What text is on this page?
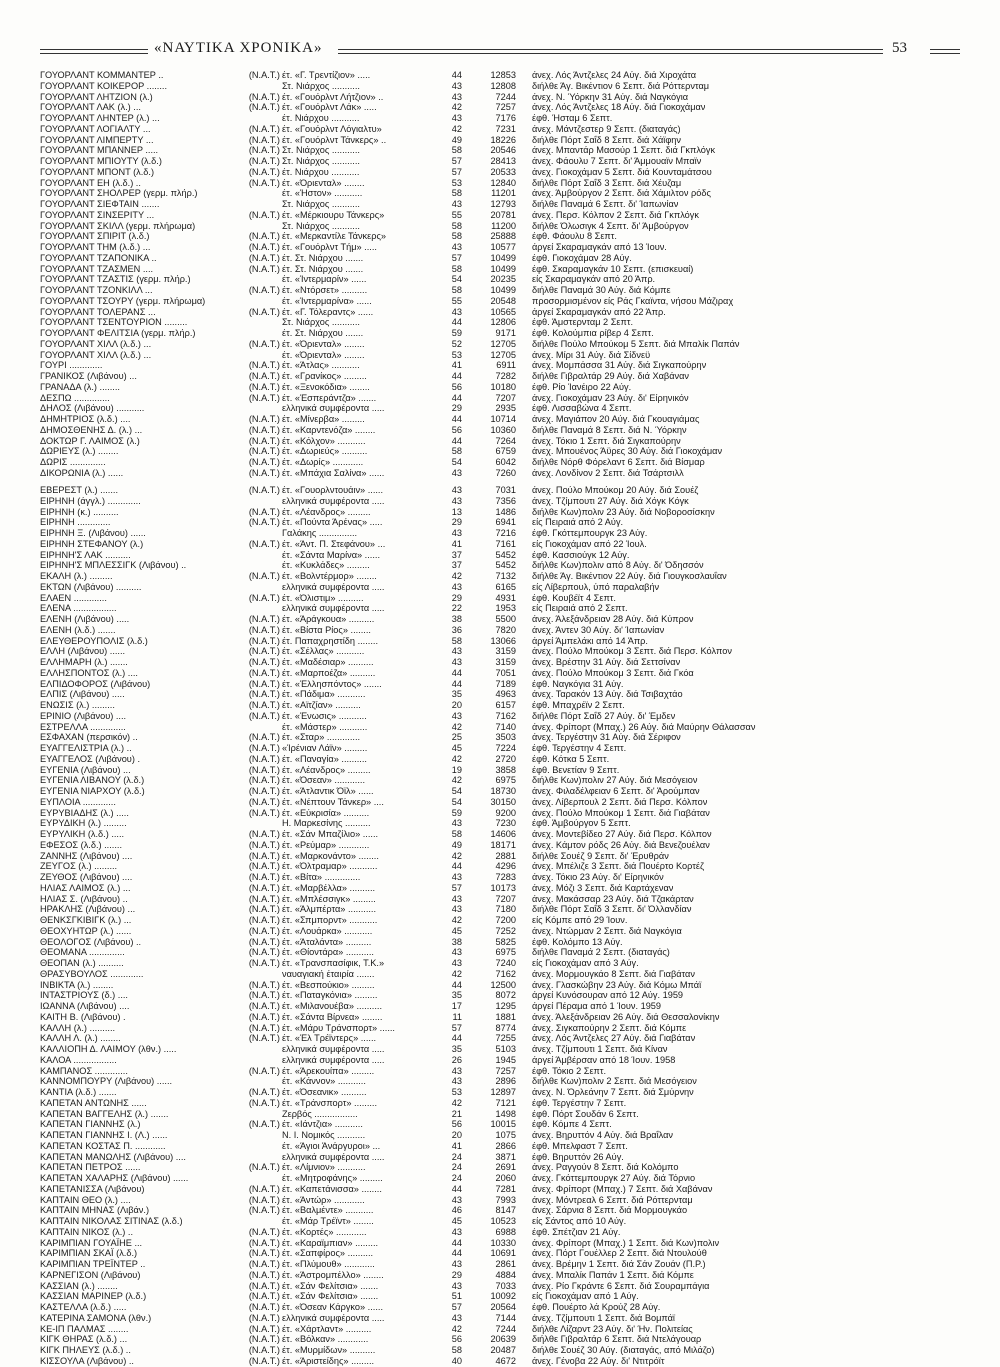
«ΝΑΥΤΙΚΑ ΧΡΟΝΙΚΑ»	53
ΓΟΥΟΡΛΑΝΤ ΚΟΜΜΑΝΤΕΡ ..	(Ν.Α.Τ.) έτ. «Γ. Τρεντίζιον» .....	44	12853 άνεχ. Λός Άντζελες 24 Αύγ. διά Χιροχάτα
ΓΟΥΟΡΛΑΝΤ ΚΟΙΚΕΡΟΡ ........	Στ. Νιάρχος ...........	43	12808 διήλθε Άγ. Βικέντιον 6 Σεπτ. διά Ρόττερνταμ
ΓΟΥΟΡΛΑΝΤ ΛΗΤΖΙΟΝ (λ.)	(Ν.Α.Τ.) έτ. «Γουόρλντ Λήτζιον» ..	43	7244 άνεχ. Ν. Ύόρκην 31 Αύγ. διά Ναγκόγια
ΓΟΥΟΡΛΑΝΤ ΛΑΚ (λ.) ...	(Ν.Α.Τ.) έτ. «Γουόρλντ Λάκ» .....	42	7257 άνεχ. Λός Άντζελες 18 Αύγ. διά Γιοκοχάμαν
ΓΟΥΟΡΛΑΝΤ ΛΗΝΤΕΡ (λ.) ...	έτ. Νιάρχου ...........	43	7176 έφθ. Ήσταμ 6 Σεπτ.
ΓΟΥΟΡΛΑΝΤ ΛΟΓΙΑΛΤΥ ...	(Ν.Α.Τ.) έτ. «Γουόρλντ Λόγιαλτυ»	42	7231 άνεχ. Μάντζεστερ 9 Σεπτ. (διαταγάς)
ΓΟΥΟΡΛΑΝΤ ΛΙΜΠΕΡΤΥ ...	(Ν.Α.Τ.) έτ. «Γουόρλντ Τάνκερς» ..	49	18226 διήλθε Πόρτ Σαΐδ 8 Σεπτ. διά Χάϊφην
ΓΟΥΟΡΛΑΝΤ ΜΠΑΝΝΕΡ .....	(Ν.Α.Τ.) Στ. Νιάρχος ...........	58	20546 άνεχ. Μπαντάρ Μασούρ 1 Σεπτ. διά Γκπλόγκ
ΓΟΥΟΡΛΑΝΤ ΜΠΙΟΥΤΥ (λ.δ.)	(Ν.Α.Τ.) Στ. Νιάρχος ...........	57	28413 άνεχ. Φάουλυ 7 Σεπτ. δι' Άμμουαϊν Μπαϊν
ΓΟΥΟΡΛΑΝΤ ΜΠΟΝΤ (λ.δ.)	(Ν.Α.Τ.) έτ. Νιάρχου ...........	57	20533 άνεχ. Γιοκοχάμαν 5 Σεπτ. διά Κουνταμάτσου
ΓΟΥΟΡΛΑΝΤ ΕΗ (λ.δ.) ..	(Ν.Α.Τ.) έτ. «Όριενταλ» ........	53	12840 διήλθε Πόρτ Σαΐδ 3 Σεπτ. διά Χέυζαμ
ΓΟΥΟΡΛΑΝΤ ΣΗΟΛΡΕΡ (γερμ. πλήρ.)	έτ. «Ήστον» ...........	58	11201 άνεχ. Άμβούργον 2 Σεπτ. διά Χάμιλτον ρόδς
ΓΟΥΟΡΛΑΝΤ ΣΙΕΦΤΑΙΝ .......	Στ. Νιάρχος ...........	43	12793 διήλθε Παναμά 6 Σεπτ. δι' Ίαπωνίαν
ΓΟΥΟΡΛΑΝΤ ΣΙΝΣΕΡΙΤΥ ...	(Ν.Α.Τ.) έτ. «Μέρκιουρυ Τάνκερς»	55	20781 άνεχ. Περσ. Κόλπον 2 Σεπτ. διά Γκπλόγκ
ΓΟΥΟΡΛΑΝΤ ΣΚΙΛΛ (γερμ. πλήρωμα)	Στ. Νιάρχος ...........	58	11200 διήλθε Όλωσιγκ 4 Σεπτ. δι' Άμβούργον
ΓΟΥΟΡΛΑΝΤ ΣΠΙΡΙΤ (λ.δ.)	(Ν.Α.Τ.) έτ. «Μερκαντίλε Τάνκερς»	58	25888 έφθ. Φάουλυ 8 Σεπτ.
ΓΟΥΟΡΛΑΝΤ ΤΗΜ (λ.δ.) ...	(Ν.Α.Τ.) έτ. «Γουόρλντ Τήμ» .....	43	10577 άργεί Σκαραμαγκάν από 13 Ίουν.
ΓΟΥΟΡΛΑΝΤ ΤΖΑΠΟΝΙΚΑ ..	(Ν.Α.Τ.) έτ. Στ. Νιάρχου .......	57	10499 έφθ. Γιοκοχάμαν 28 Αύγ.
ΓΟΥΟΡΛΑΝΤ ΤΖΑΣΜΕΝ ....	(Ν.Α.Τ.) έτ. Στ. Νιάρχου .......	58	10499 έφθ. Σκαραμαγκάν 10 Σεπτ. (επισκευαί)
ΓΟΥΟΡΛΑΝΤ ΤΖΑΣΤΙΣ (γερμ. πλήρ.)	έτ. «Ίντερμαρίν» ......	54	20235 είς Σκαραμαγκάν από 20 Άπρ.
ΓΟΥΟΡΛΑΝΤ ΤΖΟΝΚΙΛΛ ...	(Ν.Α.Τ.) έτ. «Ντόρσετ» ..........	58	10499 διήλθε Παναμά 30 Αύγ. διά Κόμπε
ΓΟΥΟΡΛΑΝΤ ΤΣΟΥΡΥ (γερμ. πλήρωμα)	έτ. «Ίντερμαρίνα» ......	55	20548 προσορμισμένον είς Ράς Γκαϊντα, νήσου Μάζιραχ
ΓΟΥΟΡΛΑΝΤ ΤΟΛΕΡΑΝΣ ...	(Ν.Α.Τ.) έτ. «Γ. Τόλεραντς» ......	43	10565 άργεί Σκαραμαγκάν από 22 Άπρ.
ΓΟΥΟΡΛΑΝΤ ΤΣΕΝΤΟΥΡΙΟΝ .........	Στ. Νιάρχος ...........	44	12806 έφθ. Άμστερνταμ 2 Σεπτ.
ΓΟΥΟΡΛΑΝΤ ΦΕΛΙΤΣΙΑ (γερμ. πλήρ.)	έτ. Στ. Νιάρχου .......	59	9171 έφθ. Κολούμπια ρίβερ 4 Σεπτ.
ΓΟΥΟΡΛΑΝΤ ΧΙΛΛ (λ.δ.) ...	(Ν.Α.Τ.) έτ. «Όριενταλ» ........	52	12705 διήλθε Πούλο Μπούκομ 5 Σεπτ. διά Μπαλίκ Παπάν
ΓΟΥΟΡΛΑΝΤ ΧΙΛΛ (λ.δ.) ...	έτ. «Όριενταλ» ........	53	12705 άνεχ. Μίρι 31 Αύγ. διά Σίδνεϋ
ΓΟΥΡΙ .............	(Ν.Α.Τ.) έτ. «Άτλας» ...........	41	6911 άνεχ. Μομπάσσα 31 Αύγ. διά Σιγκαπούρην
ΓΡΑΝΙΚΟΣ (Λιβάνου) ...	(Ν.Α.Τ.) έτ. «Γρανίκος» .........	44	7282 διήλθε Γιβραλτάρ 29 Αύγ. διά Χαβάναν
ΓΡΑΝΑΔΑ (λ.) ........	(Ν.Α.Τ.) έτ. «Ξενοκόδια» ........	56	10180 έφθ. Ρίο Ίανέιρο 22 Αύγ.
ΔΕΣΠΩ ..............	(Ν.Α.Τ.) έτ. «Έσπεράντζα» .......	44	7207 άνεχ. Γιοκοχάμαν 23 Αύγ. δι' Είρηνικόν
ΔΗΛΟΣ (Λιβάνου) ...........	ελληνικά συμφέροντα .....	29	2935 έφθ. Λισσαβώνα 4 Σεπτ.
ΔΗΜΗΤΡΙΟΣ (λ.δ.) ....	(Ν.Α.Τ.) έτ. «Μίνερβα» .........	44	10714 άνεχ. Μαγιάπον 20 Αύγ. διά Γκουαγιάμας
ΔΗΜΟΣΘΕΝΗΣ Δ. (λ.) ...	(Ν.Α.Τ.) έτ. «Καρντενόζα» ........	56	10360 διήλθε Παναμά 8 Σεπτ. διά Ν. Ύόρκην
ΔΟΚΤΩΡ Γ. ΛΑΙΜΟΣ (λ.)	(Ν.Α.Τ.) έτ. «Κόλχον» ...........	44	7264 άνεχ. Τόκιο 1 Σεπτ. διά Σιγκαπούρην
ΔΩΡΙΕΥΣ (λ.) ........	(Ν.Α.Τ.) έτ. «Δωριεύς» ..........	58	6759 άνεχ. Μπουένος Άϋρες 30 Αύγ. διά Γιοκοχάμαν
ΔΩΡΙΣ ..............	(Ν.Α.Τ.) έτ. «Δωρίς» ............	54	6042 διήλθε Νόρθ Φόρελαντ 6 Σεπτ. διά Βίσμαρ
ΔΙΚΟΡΩΝΙΑ (λ.) ......	(Ν.Α.Τ.) έτ. «Μπάχια Σαλίνα» ......	43	7260 άνεχ. Λονδίνον 2 Σεπτ. διά Τσάρτσιλλ
ΕΒΕΡΕΣΤ (λ.) .......	(Ν.Α.Τ.) έτ. «Γουορλντουάιν» ......	43	7031 άνεχ. Πούλο Μπούκομ 20 Αύγ. διά Σουέζ
ΕΙΡΗΝΗ (άγγλ.) .............	ελληνικά συμφέροντα .....	43	7356 άνεχ. Τζίμπουτι 27 Αύγ. διά Χόγκ Κόγκ
ΕΙΡΗΝΗ (κ.) ..........	(Ν.Α.Τ.) έτ. «Λέανδρος» .........	13	1486 διήλθε Κων)πολιν 23 Αύγ. διά Νοβοροσίσκην
ΕΙΡΗΝΗ .............	(Ν.Α.Τ.) έτ. «Πούντα Άρένας» .....	29	6941 είς Πειραιά από 2 Αύγ.
ΕΙΡΗΝΗ Ξ. (Λιβάνου) ......	Γαλάκης ...............	43	7216 έφθ. Γκόττεμπουργκ 23 Αύγ.
ΕΙΡΗΝΗ ΣΤΕΦΑΝΟΥ (λ.)	(Ν.Α.Τ.) έτ. «Άντ. Π. Στεφάνου» ...	41	7161 είς Γιοκοχάμαν από 22 Ίουλ.
ΕΙΡΗΝΗ'Σ ΛΑΚ ..........	έτ. «Σάντα Μαρίνα» ......	37	5452 έφθ. Κασσιούγκ 12 Αύγ.
ΕΙΡΗΝΗ'Σ ΜΠΛΕΣΣΙΓΚ (Λιβάνου) ..	έτ. «Κυκλάδες» .........	37	5452 διήλθε Κων)πολιν από 8 Αύγ. δι' Όδησσόν
ΕΚΑΛΗ (λ.) .........	(Ν.Α.Τ.) έτ. «Βολντέρμορ» ........	42	7132 διήλθε Άγ. Βικέντιον 22 Αύγ. διά Γιουγκοσλαυΐαν
ΕΚΤΩΝ (Λιβάνου) ..........	ελληνικά συμφέροντα .....	43	6165 είς Λίβερπουλ, ύπό παραλαβήν
ΕΛΑΕΝ .............	(Ν.Α.Τ.) έτ. «Όλιστιμ» ..........	29	4931 έφθ. Κουβέϊτ 4 Σεπτ.
ΕΛΕΝΑ .................	ελληνικά συμφέροντα .....	22	1953 είς Πειραιά από 2 Σεπτ.
ΕΛΕΝΗ (Λιβάνου) .....	(Ν.Α.Τ.) έτ. «Άράγκουα» ..........	38	5500 άνεχ. Άλεξάνδρειαν 28 Αύγ. διά Κύπρον
ΕΛΕΝΗ (λ.δ.) .......	(Ν.Α.Τ.) έτ. «Βίστα Ρίος» ........	36	7820 άνεχ. Άντεν 30 Αύγ. δι' Ίαπωνίαν
ΕΛΕΥΘΕΡΟΥΠΟΛΙΣ (λ.δ.)	(Ν.Α.Τ.) έτ. Παπαχρηστίδη ........	58	13066 άργεί Άμπελάκι από 14 Άπρ.
ΕΛΛΗ (Λιβάνου) ......	(Ν.Α.Τ.) έτ. «Σέλλας» ...........	43	3159 άνεχ. Πούλο Μπούκομ 3 Σεπτ. διά Περσ. Κόλπον
ΕΛΛΗΜΑΡΗ (λ.) .......	(Ν.Α.Τ.) έτ. «Μαδέσιαρ» ..........	43	3159 άνεχ. Βρέστην 31 Αύγ. διά Σεττσίναν
ΕΛΛΗΣΠΟΝΤΟΣ (λ.) ....	(Ν.Α.Τ.) έτ. «Μαρποέζα» ..........	44	7051 άνεχ. Πούλο Μπούκομ 3 Σεπτ. διά Γκόα
ΕΛΠΙΔΟΦΟΡΟΣ (Λιβάνου)	(Ν.Α.Τ.) έτ. «Έλλησπόντος» .......	44	7189 έφθ. Ναγκόγια 31 Αύγ.
ΕΛΠΙΣ (Λιβάνου) .....	(Ν.Α.Τ.) έτ. «Πάδιμα» ...........	35	4963 άνεχ. Ταρακόν 13 Αύγ. διά Τσιβαχτάο
ΕΝΩΣΙΣ (λ.) .........	(Ν.Α.Τ.) έτ. «Αϊτζίαν» ..........	20	6157 έφθ. Μπαχρέϊν 2 Σεπτ.
ΕΡΙΝΙΟ (Λιβάνου) ....	(Ν.Α.Τ.) έτ. «Ένωσις» ...........	43	7162 διήλθε Πόρτ Σαΐδ 27 Αύγ. δι' Έμδεν
ΕΣΤΡΕΛΛΑ ..............	έτ. «Μάστερ» ...........	42	7140 άνεχ. Φρίπορτ (Μπαχ.) 26 Αύγ. διά Μαύρην Θάλασσαν
ΕΣΦΑΧΑΝ (περσικόν) ..	(Ν.Α.Τ.) έτ. «Σταρ» .............	25	3503 άνεχ. Τεργέστην 31 Αύγ. διά Σέριφον
ΕΥΑΓΓΕΛΙΣΤΡΙΑ (λ.) ..	(Ν.Α.Τ.) «Ίρένιαν Λάϊν» .........	45	7224 έφθ. Τεργέστην 4 Σεπτ.
ΕΥΑΓΓΕΛΟΣ (Λιβάνου) .	(Ν.Α.Τ.) έτ. «Παναγία» ..........	42	2720 έφθ. Κότκα 5 Σεπτ.
ΕΥΓΕΝΙΑ (Λιβάνου) ...	(Ν.Α.Τ.) έτ. «Λέανδρος» .........	19	3858 έφθ. Βενετίαν 9 Σεπτ.
ΕΥΓΕΝΙΑ ΛΙΒΑΝΟΥ (λ.δ.)	(Ν.Α.Τ.) έτ. «Όσεαν» ............	42	6975 διήλθε Κων)πολιν 27 Αύγ. διά Μεσόγειον
ΕΥΓΕΝΙΑ ΝΙΑΡΧΟΥ (λ.δ.)	(Ν.Α.Τ.) έτ. «Άτλαντικ Όϊλ» ......	54	18730 άνεχ. Φιλαδέλφειαν 6 Σεπτ. δι' Άρούμπαν
ΕΥΠΛΟΙΑ .............	(Ν.Α.Τ.) έτ. «Νέπτουν Τάνκερ» ....	54	30150 άνεχ. Λίβερπουλ 2 Σεπτ. διά Περσ. Κόλπον
ΕΥΡΥΒΙΑΔΗΣ (λ.) .....	(Ν.Α.Τ.) έτ. «Εύκρισία» ..........	59	9200 άνεχ. Πούλο Μπούκομ 1 Σεπτ. διά Γιαβάταν
ΕΥΡΥΔΙΚΗ (λ.) .........	Η. Μαρκεσίνης ..........	43	7230 έφθ. Άμβούργον 5 Σεπτ.
ΕΥΡΥΛΙΚΗ (λ.δ.) .....	(Ν.Α.Τ.) έτ. «Σάν Μπαζίλιο» ......	58	14606 άνεχ. Μοντεβίδεο 27 Αύγ. διά Περσ. Κόλπον
ΕΦΕΣΟΣ (λ.δ.) .......	(Ν.Α.Τ.) έτ. «Ρεύμαρ» ............	49	18171 άνεχ. Κάμτον ρόδς 26 Αύγ. διά Βενεζουέλαν
ΖΑΝΝΗΣ (Λιβάνου) ....	(Ν.Α.Τ.) έτ. «Μαρκονάντο» ........	42	2881 διήλθε Σουέζ 9 Σεπτ. δι' Έρυθράν
ΖΕΥΓΟΣ (λ.) .........	(Ν.Α.Τ.) έτ. «Όλτραμαρ» ...........	44	4296 άνεχ. Μπέλιζε 3 Σεπτ. διά Πουέρτο Κορτέζ
ΖΕΥΘΟΣ (Λιβάνου) ....	(Ν.Α.Τ.) έτ. «Βίτα» ..............	43	7283 άνεχ. Τόκιο 23 Αύγ. δι' Είρηνικόν
ΗΛΙΑΣ ΛΑΙΜΟΣ (λ.) ...	(Ν.Α.Τ.) έτ. «Μαρβέλλα» ..........	57	10173 άνεχ. Μόζι 3 Σεπτ. διά Καρτάχεναν
ΗΛΙΑΣ Σ. (Λιβάνου) ..	(Ν.Α.Τ.) έτ. «Μπλέσσιγκ» .........	43	7207 άνεχ. Μακάσσαρ 23 Αύγ. διά Τζακάρταν
ΗΡΑΚΛΗΣ (Λιβάνου) ...	(Ν.Α.Τ.) έτ. «Άλμπέρτα» ...........	43	7180 διήλθε Πόρτ Σαΐδ 3 Σεπτ. δι' Όλλανδίαν
ΘΕΝΚΣΓΚΙΒΙΓΚ (λ.) ...	(Ν.Α.Τ.) έτ. «Σπμπορντ» ...........	42	7200 είς Κόμπε από 29 Ίουν.
ΘΕΟΧΥΗΤΩΡ (λ.) ......	(Ν.Α.Τ.) έτ. «Λουάρκα» ...........	45	7252 άνεχ. Ντώρμαν 2 Σεπτ. διά Ναγκόγια
ΘΕΟΛΟΓΟΣ (Λιβάνου) ..	(Ν.Α.Τ.) έτ. «Άταλάντα» ..........	38	5825 έφθ. Κολόμπο 13 Αύγ.
ΘΕΟΜΑΝΑ ..............	(Ν.Α.Τ.) έτ. «Θίοντάρα» ...........	43	6975 διήλθε Παναμά 2 Σεπτ. (διαταγάς)
ΘΕΟΠΑΝ (λ.) ..........	(Ν.Α.Τ.) έτ. «Τρανσπασίφικ, Τ.Κ.»	43	7240 είς Γιοκοχάμαν από 3 Αύγ.
ΘΡΑΣΥΒΟΥΛΟΣ .............	ναυαγιακή έταιρία .......	42	7162 άνεχ. Μορμουγκάο 8 Σεπτ. διά Γιαβάταν
ΙΝΒΙΚΤΑ (λ.) ........	(Ν.Α.Τ.) έτ. «Βεσπούκιο» .........	44	12500 άνεχ. Γλασκώβην 23 Αύγ. διά Κόμω Μπάϊ
ΙΝΤΑΣΤΡΙΟΥΣ (δ.) ....	(Ν.Α.Τ.) έτ. «Παταγκόνια» .........	35	8072 άργεί Κυνόσουραν από 12 Αύγ. 1959
ΙΩΑΝΝΑ (Λιβάνου) ....	(Ν.Α.Τ.) έτ. «Μιλανουέβα» ..........	17	1295 άργεί Πέραμα από 1 Ίουν. 1959
ΚΑΙΤΗ Β. (Λιβάνου) .	(Ν.Α.Τ.) έτ. «Σάντα Βίρνεα» ........	11	1881 άνεχ. Άλεξάνδρειαν 26 Αύγ. διά Θεσσαλονίκην
ΚΑΛΛΗ (λ.) ..........	(Ν.Α.Τ.) έτ. «Μάρυ Τράνσπορτ» ......	57	8774 άνεχ. Σιγκαπούρην 2 Σεπτ. διά Κόμπε
ΚΑΛΛΗ Λ. (λ.) ........	(Ν.Α.Τ.) έτ. «Έλ Τρέϊντερς» ......	44	7255 άνεχ. Λός Άντζελες 27 Αύγ. διά Γιαβάταν
ΚΑΛΛΙΟΠΗ Δ. ΛΑΙΜΟΥ (λθν.) .....	ελληνικά συμφέροντα .....	35	5103 άνεχ. Τζίμπουτι 1 Σεπτ. διά Κίναν
ΚΑΛΟΑ .................	ελληνικά συμφέροντα .....	26	1945 άργεί Άμβέρσαν από 18 Ίουν. 1958
ΚΑΜΠΑΝΟΣ .............	(Ν.Α.Τ.) έτ. «Άρεκουίπα» .........	43	7257 έφθ. Τόκιο 2 Σεπτ.
ΚΑΝΝΟΜΠΟΥΡΥ (Λιβάνου) ......	έτ. «Κάννον» ...........	43	2896 διήλθε Κων)πολιν 2 Σεπτ. διά Μεσόγειον
ΚΑΝΤΙΑ (λ.δ.) .......	(Ν.Α.Τ.) έτ. «Όσεανικ» ..........	53	12897 άνεχ. Ν. Όρλεάνην 7 Σεπτ. διά Σμύρνην
ΚΑΠΕΤΑΝ ΑΝΤΩΝΗΣ ......	(Ν.Α.Τ.) έτ. «Τράνσπορτ» .........	42	7121 έφθ. Τεργέστην 7 Σεπτ.
ΚΑΠΕΤΑΝ ΒΑΓΓΕΛΗΣ (λ.) .......	Ζερβός .................	21	1498 έφθ. Πόρτ Σουδάν 6 Σεπτ.
ΚΑΠΕΤΑΝ ΓΙΑΝΝΗΣ (λ.)	(Ν.Α.Τ.) έτ. «Ιάντζια» ...........	56	10015 έφθ. Κόμπε 4 Σεπτ.
ΚΑΠΕΤΑΝ ΓΙΑΝΝΗΣ Ι. (Λ.) ......	Ν. Ι. Νομικός ...........	20	1075 άνεχ. Βηρυττόν 4 Αύγ. διά Βραΐλαν
ΚΑΠΕΤΑΝ ΚΟΣΤΑΣ Π. ............	έτ. «Άγιοι Άνάργυροι» ...	41	2866 έφθ. Μπελφαστ 7 Σεπτ.
ΚΑΠΕΤΑΝ ΜΑΝΩΛΗΣ (Λιβάνου) ....	ελληνικά συμφέροντα .....	24	3871 έφθ. Βηρυττόν 26 Αύγ.
ΚΑΠΕΤΑΝ ΠΕΤΡΟΣ ......	(Ν.Α.Τ.) έτ. «Λίμνιον» ...........	24	2691 άνεχ. Ραγγούν 8 Σεπτ. διά Κολόμπο
ΚΑΠΕΤΑΝ ΧΑΛΑΡΗΣ (Λιβάνου) ......	έτ. «Μητροφάνης» .........	24	2060 άνεχ. Γκόττεμπουργκ 27 Αύγ. διά Τόρνιο
ΚΑΠΕΤΑΝΙΣΣΑ (Λιβάνου)	(Ν.Α.Τ.) έτ. «Καπετάνισσα» ........	44	7281 άνεχ. Φρίπορτ (Μπαχ.) 7 Σεπτ. διά Χαβάναν
ΚΑΠΤΑΙΝ ΘΕΟ (λ.) ....	(Ν.Α.Τ.) έτ. «Άντώρ» ............	43	7993 άνεχ. Μόντρεαλ 6 Σεπτ. διά Ρόττερνταμ
ΚΑΠΤΑΙΝ ΜΗΝΑΣ (Λιβάν.)	(Ν.Α.Τ.) έτ. «Βαλμέντε» ...........	46	8147 άνεχ. Σάρνια 8 Σεπτ. διά Μορμουγκάο
ΚΑΠΤΑΙΝ ΝΙΚΟΛΑΣ ΣΙΤΙΝΑΣ (λ.δ.)	έτ. «Μάρ Τρέϊντ» ........	45	10523 είς Σάντος από 10 Αύγ.
ΚΑΠΤΑΙΝ ΝΙΚΟΣ (λ.) ..	(Ν.Α.Τ.) έτ. «Κορτές» ............	43	6988 έφθ. Σπέτζιαν 21 Αύγ.
ΚΑΡΙΜΠΙΑΝ ΓΟΥΑΪΗΕ ...	(Ν.Α.Τ.) έτ. «Καραϊμπιαν» .........	44	10330 άνεχ. Φρίπορτ (Μπαχ.) 1 Σεπτ. διά Κων)πολιν
ΚΑΡΙΜΠΙΑΝ ΣΚΑΪ (λ.δ.)	(Ν.Α.Τ.) έτ. «Σαπφίρος» ..........	44	10691 άνεχ. Πόρτ Γουέλλερ 2 Σεπτ. διά Ντουλούθ
ΚΑΡΙΜΠΙΑΝ ΤΡΕΪΝΤΕΡ ..	(Ν.Α.Τ.) έτ. «Πλύμουθ» ............	43	2861 άνεχ. Βρέμην 1 Σεπτ. διά Σάν Ζουάν (Π.Ρ.)
ΚΑΡΝΕΓΙΣΟΝ (Λιβάνου)	(Ν.Α.Τ.) έτ. «Άστρομπέλλο» ........	29	4884 άνεχ. Μπαλίκ Παπάν 1 Σεπτ. διά Κόμπε
ΚΑΣΣΙΑΝ (λ.) ........	(Ν.Α.Τ.) έτ. «Σάν Φελίτσια» .......	43	7033 άνεχ. Ρίο Γκράντε 6 Σεπτ. διά Σουραμπάγια
ΚΑΣΣΙΑΝ ΜΑΡΙΝΕΡ (λ.δ.)	(Ν.Α.Τ.) έτ. «Σάν Φελίτσια» .......	51	10092 είς Γιοκοχάμαν από 1 Αύγ.
ΚΑΣΤΕΛΛΑ (λ.δ.) .....	(Ν.Α.Τ.) έτ. «Όσεαν Κάργκο» ......	57	20564 έφθ. Πουέρτο λά Κρούζ 28 Αύγ.
ΚΑΤΕΡΙΝΑ ΣΑΜΟΝΑ (λθν.)	(Ν.Α.Τ.) ελληνικά συμφέροντα .....	43	7144 άνεχ. Τζίμπουτι 1 Σεπτ. διά Βομπάϊ
ΚΕ-ΙΠ ΠΑΛΜΑΣ ........	(Ν.Α.Τ.) έτ. «Χάρτλαντ» ..........	42	7244 διήλθε Λίζαρντ 23 Αύγ. δι' Ήν. Πολιτείας
ΚΙΓΚ ΘΗΡΑΣ (λ.δ.) ...	(Ν.Α.Τ.) έτ. «Βόλκαν» ............	56	20639 διήλθε Γιβραλτάρ 6 Σεπτ. διά Ντελάγουαρ
ΚΙΓΚ ΠΗΛΕΥΣ (λ.δ.) ..	(Ν.Α.Τ.) έτ. «Μυρμίδων» ..........	58	20487 διήλθε Σουέζ 30 Αύγ. (διαταγάς, από Μιλάζο)
ΚΙΣΣΟΥΛΑ (Λιβάνου) ..	(Ν.Α.Τ.) έτ. «Άριστείδης» .........	40	4672 άνεχ. Γένοβα 22 Αύγ. δι' Ντιτρόϊτ
